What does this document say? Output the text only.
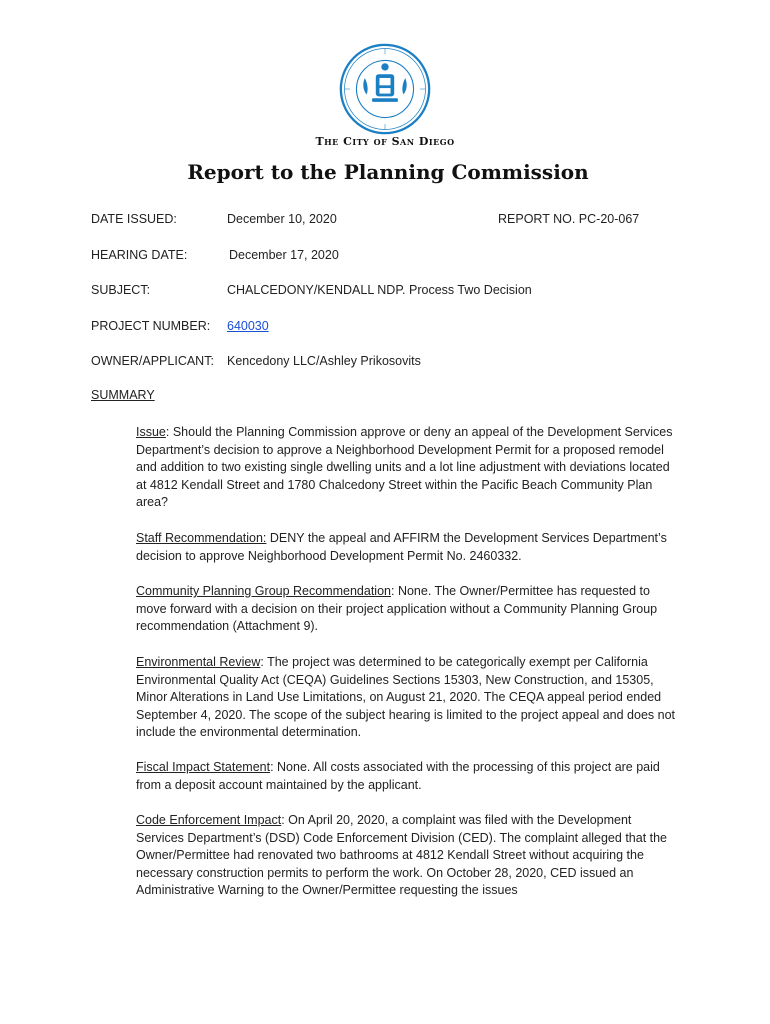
The City of San Diego
Report to the Planning Commission
DATE ISSUED:	December 10, 2020	REPORT NO. PC-20-067
HEARING DATE:	December 17, 2020
SUBJECT:	CHALCEDONY/KENDALL NDP. Process Two Decision
PROJECT NUMBER: 640030
OWNER/APPLICANT: Kencedony LLC/Ashley Prikosovits
SUMMARY
Issue: Should the Planning Commission approve or deny an appeal of the Development Services Department’s decision to approve a Neighborhood Development Permit for a proposed remodel and addition to two existing single dwelling units and a lot line adjustment with deviations located at 4812 Kendall Street and 1780 Chalcedony Street within the Pacific Beach Community Plan area?
Staff Recommendation: DENY the appeal and AFFIRM the Development Services Department’s decision to approve Neighborhood Development Permit No. 2460332.
Community Planning Group Recommendation: None. The Owner/Permittee has requested to move forward with a decision on their project application without a Community Planning Group recommendation (Attachment 9).
Environmental Review: The project was determined to be categorically exempt per California Environmental Quality Act (CEQA) Guidelines Sections 15303, New Construction, and 15305, Minor Alterations in Land Use Limitations, on August 21, 2020. The CEQA appeal period ended September 4, 2020. The scope of the subject hearing is limited to the project appeal and does not include the environmental determination.
Fiscal Impact Statement: None. All costs associated with the processing of this project are paid from a deposit account maintained by the applicant.
Code Enforcement Impact: On April 20, 2020, a complaint was filed with the Development Services Department’s (DSD) Code Enforcement Division (CED). The complaint alleged that the Owner/Permittee had renovated two bathrooms at 4812 Kendall Street without acquiring the necessary construction permits to perform the work. On October 28, 2020, CED issued an Administrative Warning to the Owner/Permittee requesting the issues
